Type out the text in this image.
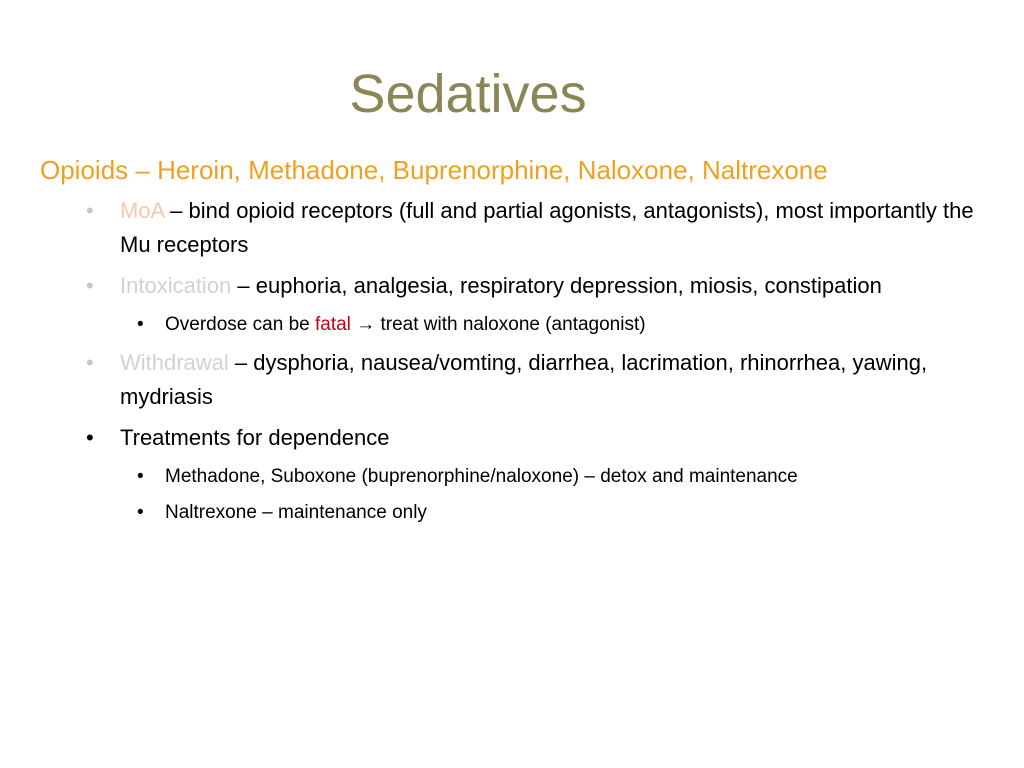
Sedatives
Opioids – Heroin, Methadone, Buprenorphine, Naloxone, Naltrexone
• MoA – bind opioid receptors (full and partial agonists, antagonists), most importantly the Mu receptors
• Intoxication – euphoria, analgesia, respiratory depression, miosis, constipation
• Overdose can be fatal → treat with naloxone (antagonist)
• Withdrawal – dysphoria, nausea/vomting, diarrhea, lacrimation, rhinorrhea, yawing, mydriasis
• Treatments for dependence
• Methadone, Suboxone (buprenorphine/naloxone) – detox and maintenance
• Naltrexone – maintenance only
